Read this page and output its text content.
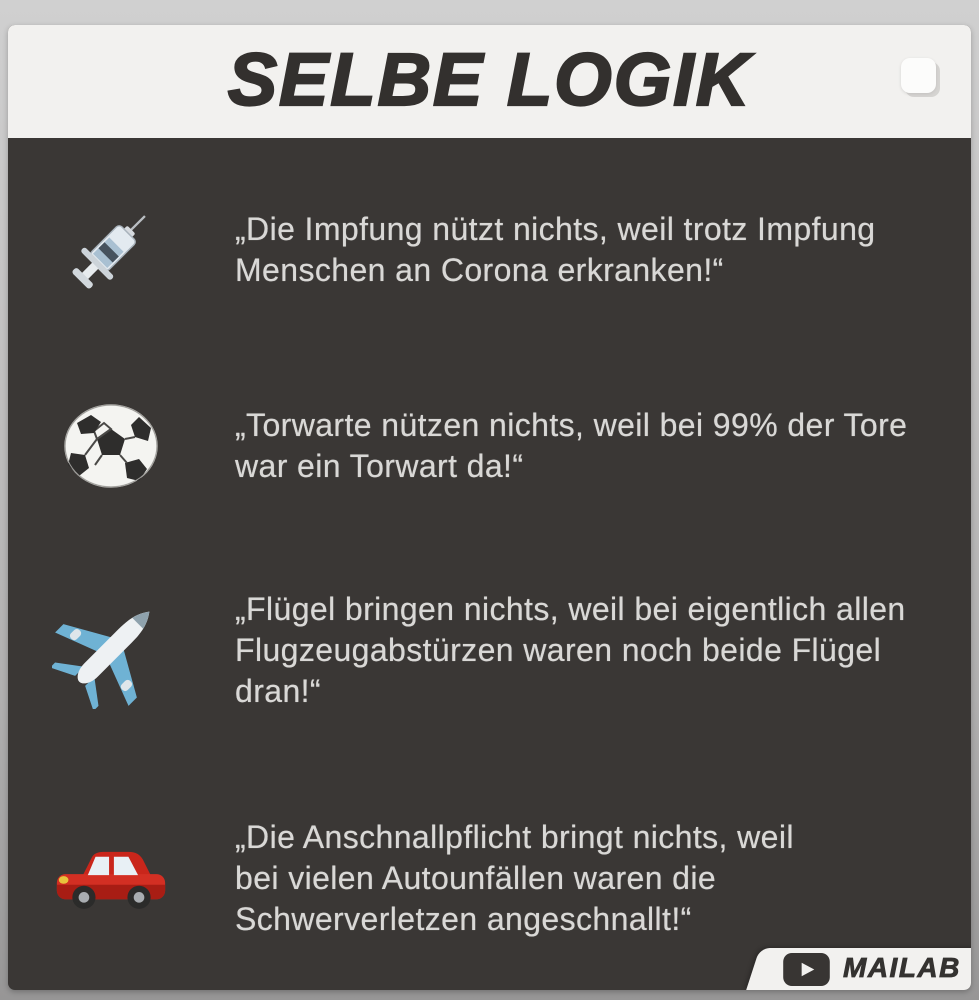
SELBE LOGIK
„Die Impfung nützt nichts, weil trotz Impfung
Menschen an Corona erkranken!“
„Torwarte nützen nichts, weil bei 99% der Tore
war ein Torwart da!“
„Flügel bringen nichts, weil bei eigentlich allen
Flugzeugabstürzen waren noch beide Flügel
dran!“
„Die Anschnallpflicht bringt nichts, weil
bei vielen Autounfällen waren die
Schwerverletzen angeschnallt!“
MAILAB
